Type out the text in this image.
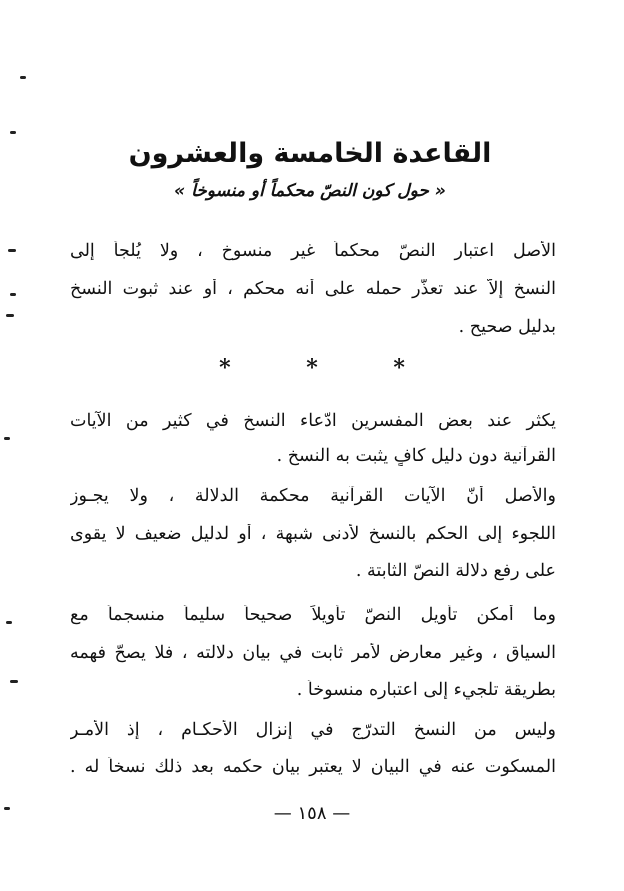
القاعدة الخامسة والعشرون
« حول كون النصّ محكماً أو منسوخاً »
الأصل اعتبار النصّ محكماً غير منسوخ ، ولا يُلجأ إلى
النسخ إلاّ عند تعذّر حمله على أنه محكم ، أو عند ثبوت النسخ
بدليل صحيح .
* * *
يكثر عند بعض المفسرين ادّعاء النسخ في كثير من الآيات
القرآنية دون دليل كافٍ يثبت به النسخ .
والأصل أنّ الآيات القرآنية محكمة الدلالة ، ولا يجـوز
اللجوء إلى الحكم بالنسخ لأدنى شبهة ، أو لدليل ضعيف لا يقوى
على رفع دلالة النصّ الثابتة .
وما أمكن تأويل النصّ تأويلاً صحيحاً سليماً منسجماً مع
السياق ، وغير معارض لأمر ثابت في بيان دلالته ، فلا يصحّ فهمه
بطريقة تلجيء إلى اعتباره منسوخاً .
وليس من النسخ التدرّج في إنزال الأحكـام ، إذ الأمـر
المسكوت عنه في البيان لا يعتبر بيان حكمه بعد ذلك نسخاً له .
— ١٥٨ —
